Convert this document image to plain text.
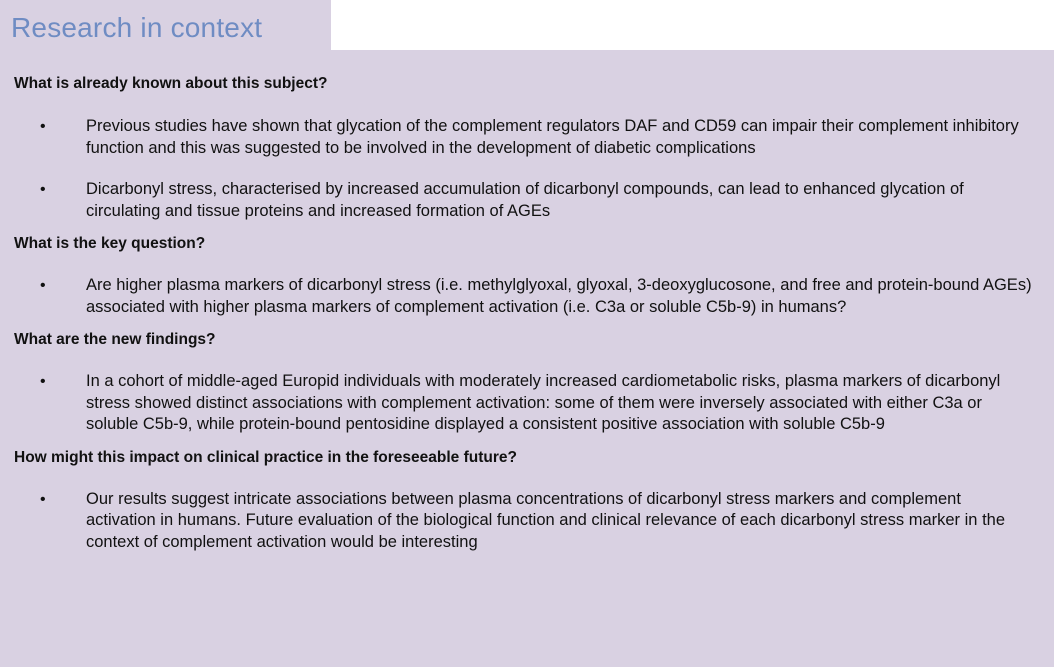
Research in context

What is already known about this subject?

• Previous studies have shown that glycation of the complement regulators DAF and CD59 can impair their complement inhibitory function and this was suggested to be involved in the development of diabetic complications
• Dicarbonyl stress, characterised by increased accumulation of dicarbonyl compounds, can lead to enhanced glycation of circulating and tissue proteins and increased formation of AGEs

What is the key question?

• Are higher plasma markers of dicarbonyl stress (i.e. methylglyoxal, glyoxal, 3-deoxyglucosone, and free and protein-bound AGEs) associated with higher plasma markers of complement activation (i.e. C3a or soluble C5b-9) in humans?

What are the new findings?

• In a cohort of middle-aged Europid individuals with moderately increased cardiometabolic risks, plasma markers of dicarbonyl stress showed distinct associations with complement activation: some of them were inversely associated with either C3a or soluble C5b-9, while protein-bound pentosidine displayed a consistent positive association with soluble C5b-9

How might this impact on clinical practice in the foreseeable future?

• Our results suggest intricate associations between plasma concentrations of dicarbonyl stress markers and complement activation in humans. Future evaluation of the biological function and clinical relevance of each dicarbonyl stress marker in the context of complement activation would be interesting
